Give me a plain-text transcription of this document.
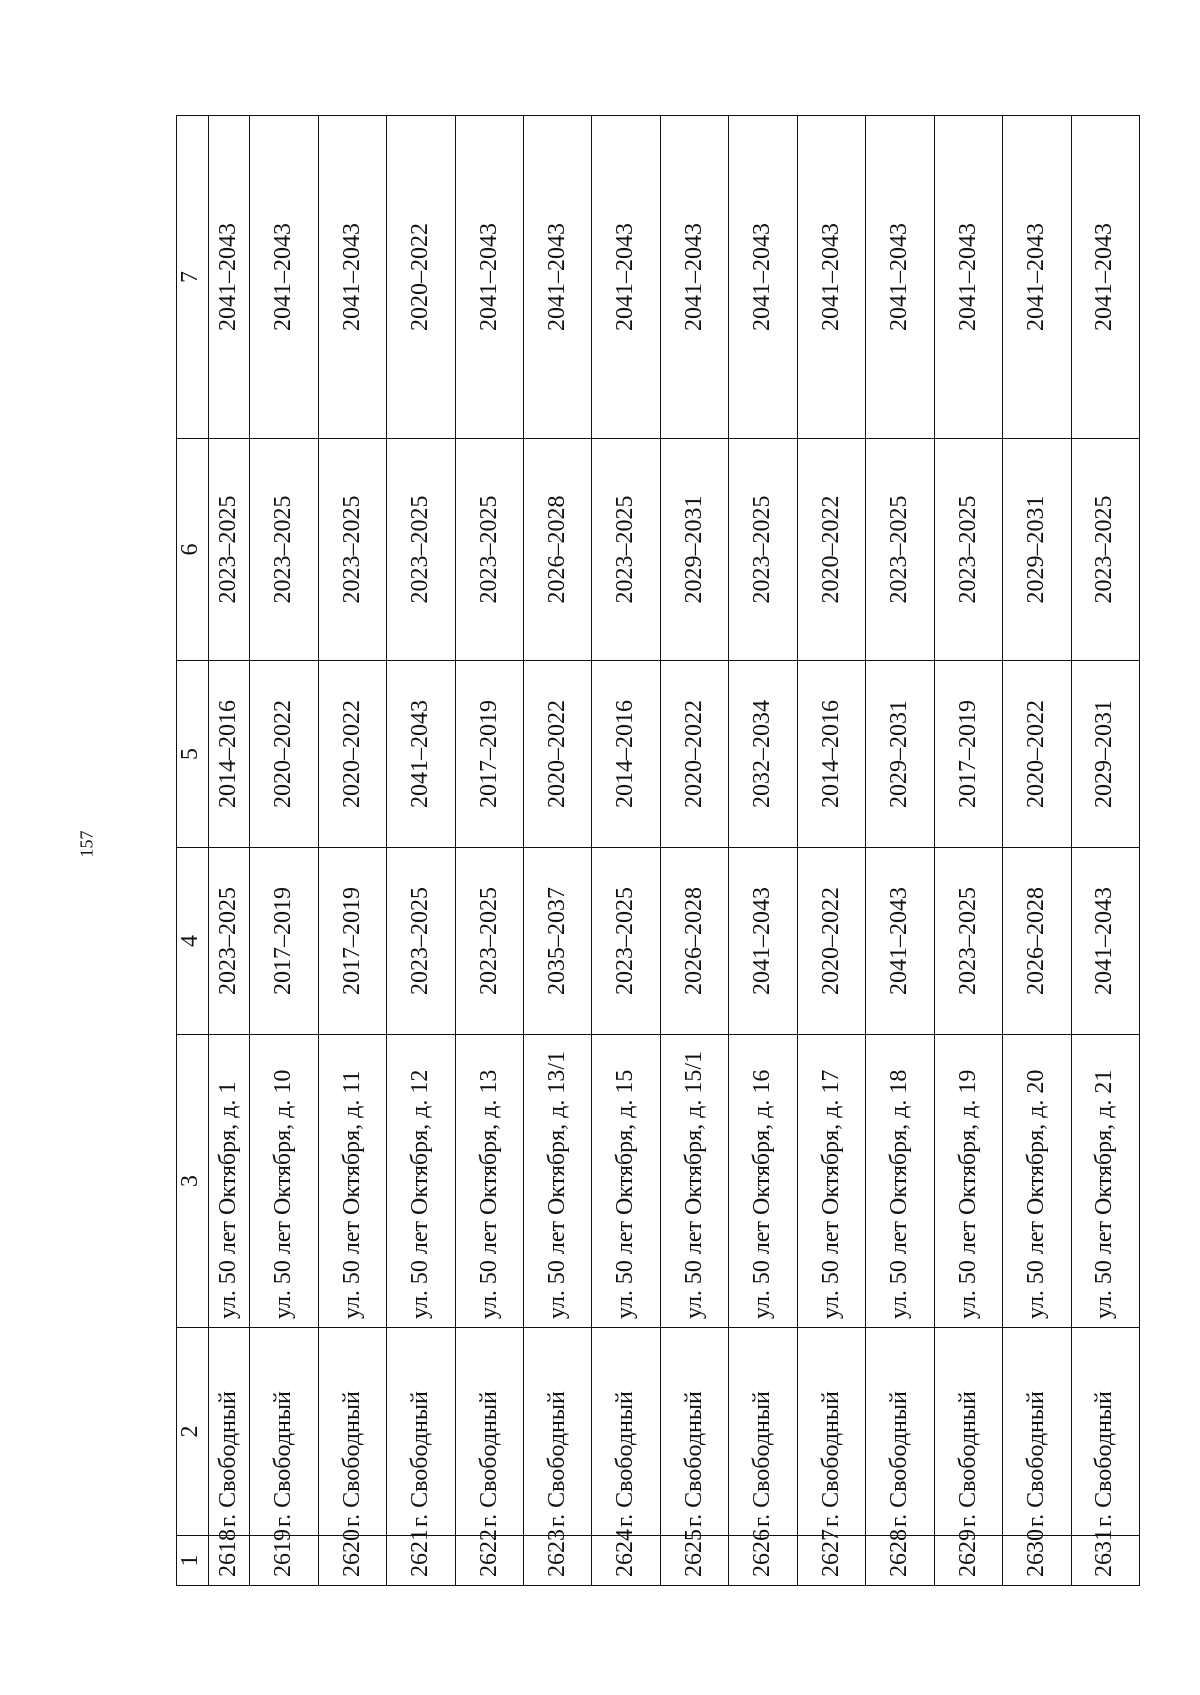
157
1	2	3	4	5	6	7
2618	г. Свободный	ул. 50 лет Октября, д. 1	2023–2025	2014–2016	2023–2025	2041–2043
2619	г. Свободный	ул. 50 лет Октября, д. 10	2017–2019	2020–2022	2023–2025	2041–2043
2620	г. Свободный	ул. 50 лет Октября, д. 11	2017–2019	2020–2022	2023–2025	2041–2043
2621	г. Свободный	ул. 50 лет Октября, д. 12	2023–2025	2041–2043	2023–2025	2020–2022
2622	г. Свободный	ул. 50 лет Октября, д. 13	2023–2025	2017–2019	2023–2025	2041–2043
2623	г. Свободный	ул. 50 лет Октября, д. 13/1	2035–2037	2020–2022	2026–2028	2041–2043
2624	г. Свободный	ул. 50 лет Октября, д. 15	2023–2025	2014–2016	2023–2025	2041–2043
2625	г. Свободный	ул. 50 лет Октября, д. 15/1	2026–2028	2020–2022	2029–2031	2041–2043
2626	г. Свободный	ул. 50 лет Октября, д. 16	2041–2043	2032–2034	2023–2025	2041–2043
2627	г. Свободный	ул. 50 лет Октября, д. 17	2020–2022	2014–2016	2020–2022	2041–2043
2628	г. Свободный	ул. 50 лет Октября, д. 18	2041–2043	2029–2031	2023–2025	2041–2043
2629	г. Свободный	ул. 50 лет Октября, д. 19	2023–2025	2017–2019	2023–2025	2041–2043
2630	г. Свободный	ул. 50 лет Октября, д. 20	2026–2028	2020–2022	2029–2031	2041–2043
2631	г. Свободный	ул. 50 лет Октября, д. 21	2041–2043	2029–2031	2023–2025	2041–2043
